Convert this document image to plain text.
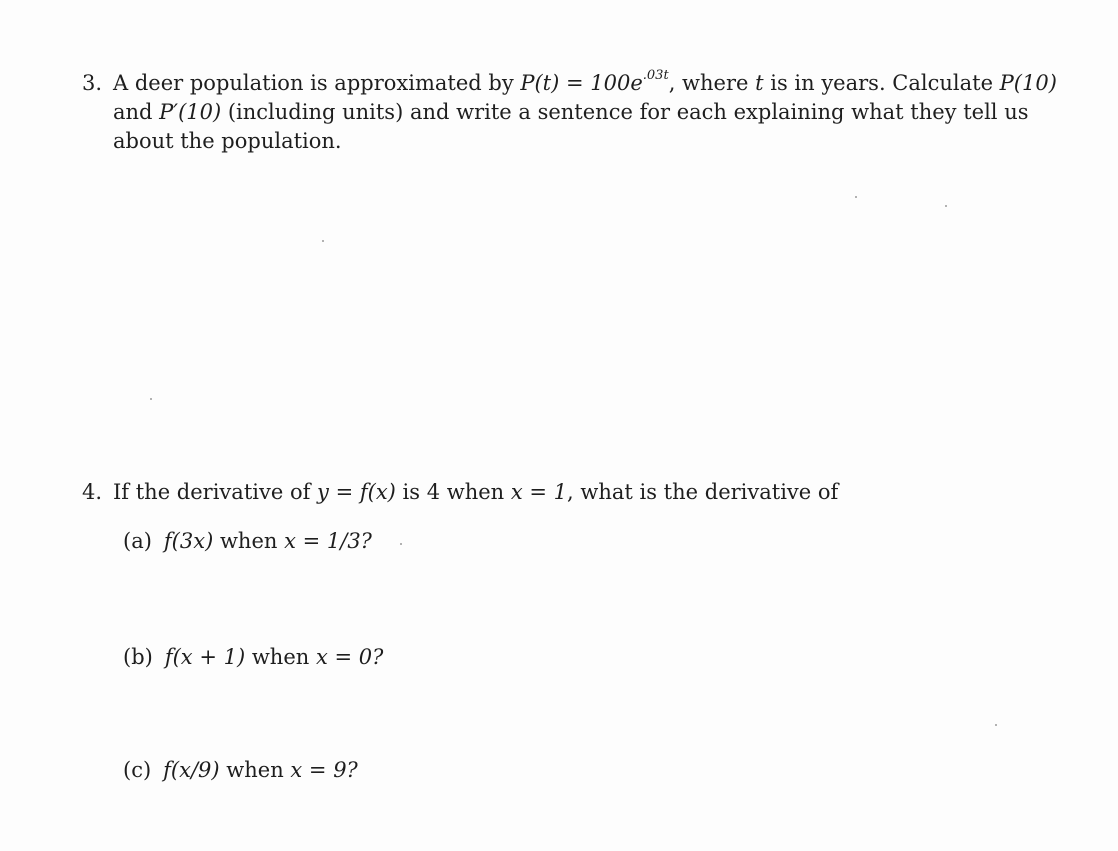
3. A deer population is approximated by $P(t) = 100e^{.03t}$, where t is in years. Calculate P(10)
and P′(10) (including units) and write a sentence for each explaining what they tell us
about the population.
4. If the derivative of y = f(x) is 4 when x = 1, what is the derivative of
(a) f(3x) when x = 1/3?
(b) f(x + 1) when x = 0?
(c) f(x/9) when x = 9?
